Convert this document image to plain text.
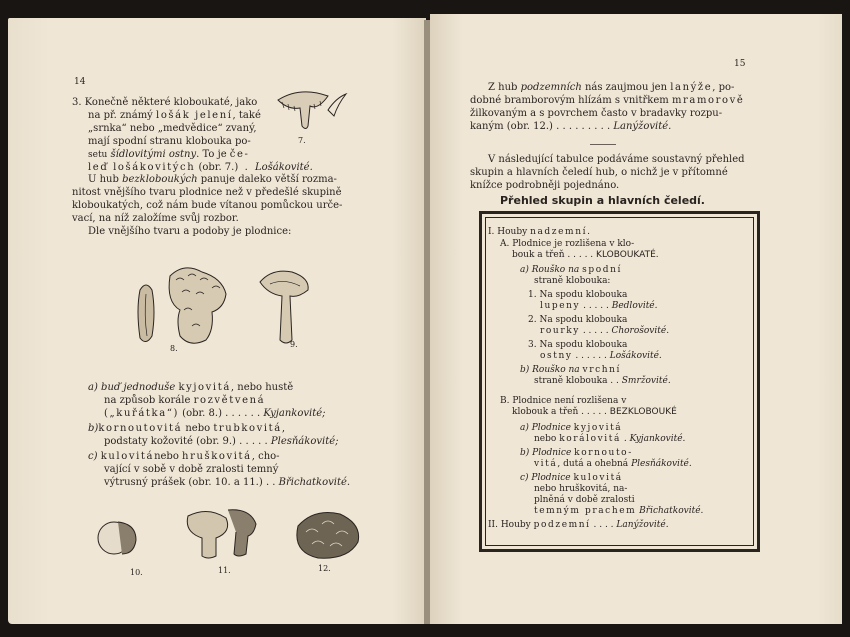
14
3. Konečně některé kloboukaté, jako
na př. známý lošák jelení, také
„srnka“ nebo „medvědice“ zvaný,
mají spodní stranu klobouka po-
setu šídlovitými ostny. To je če-
leď lošákovitých (obr. 7.)  . Lošákovité.
7.
U hub bezkloboukých panuje daleko větší rozma-
nitost vnějšího tvaru plodnice než v předešlé skupině
kloboukatých, což nám bude vítanou pomůckou urče-
vací, na níž založíme svůj rozbor.
Dle vnějšího tvaru a podoby je plodnice:
8.	9.
a) buď jednoduše kyjovitá, nebo hustě
na způsob korále rozvětvená
(„kuřátka“) (obr. 8.) . . . . . . Kyjankovité;
b)kornoutovitá nebo trubkovitá,
podstaty kožovité (obr. 9.) . . . . . Plesňákovité;
c) kulovitánebo hruškovitá, cho-
vající v sobě v době zralosti temný
výtrusný prášek (obr. 10. a 11.) . . Břichatkovité.
10.	11.	12.
15
Z hub podzemních nás zaujmou jen lanýže, po-
dobné bramborovým hlízám s vnitřkem mramorově
žilkovaným a s povrchem často v bradavky rozpu-
kaným (obr. 12.) . . . . . . . . . Lanýžovité.
V následující tabulce podáváme soustavný přehled
skupin a hlavních čeledí hub, o nichž je v přítomné
knížce podrobněji pojednáno.
Přehled skupin a hlavních čeledí.
I. Houby nadzemní.
A. Plodnice je rozlišena v klo-
bouk a třeň . . . . . KLOBOUKATÉ.
a) Rouško na spodní
straně klobouka:
1. Na spodu klobouka
lupeny . . . . . Bedlovité.
2. Na spodu klobouka
rourky . . . . . Chorošovité.
3. Na spodu klobouka
ostny . . . . . . Lošákovité.
b) Rouško na vrchní
straně klobouka . . Smržovité.
B. Plodnice není rozlišena v
klobouk a třeň . . . . . BEZKLOBOUKÉ
a) Plodnice kyjovitá
nebo korálovitá . Kyjankovité.
b) Plodnice kornouto-
vitá, dutá a ohebná Plesňákovité.
c) Plodnice kulovitá
nebo hruškovitá, na-
plněná v době zralosti
temným prachem Břichatkovité.
II. Houby podzemní . . . . Lanýžovité.
